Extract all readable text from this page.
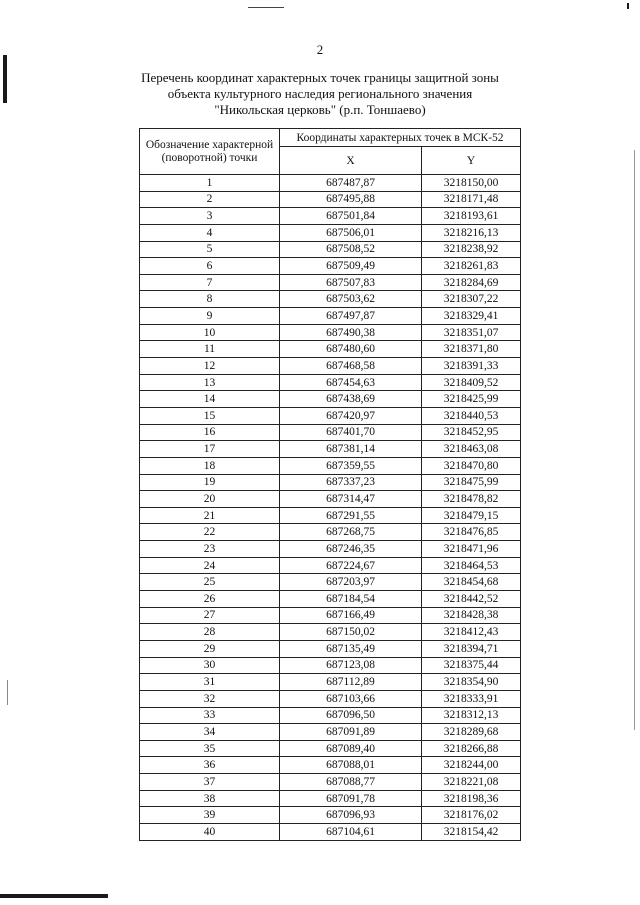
2
Перечень координат характерных точек границы защитной зоны
объекта культурного наследия регионального значения
"Никольская церковь" (р.п. Тоншаево)
Обозначение характерной (поворотной) точки	Координаты характерных точек в МСК-52	
	X	Y
1	687487,87	3218150,00
2	687495,88	3218171,48
3	687501,84	3218193,61
4	687506,01	3218216,13
5	687508,52	3218238,92
6	687509,49	3218261,83
7	687507,83	3218284,69
8	687503,62	3218307,22
9	687497,87	3218329,41
10	687490,38	3218351,07
11	687480,60	3218371,80
12	687468,58	3218391,33
13	687454,63	3218409,52
14	687438,69	3218425,99
15	687420,97	3218440,53
16	687401,70	3218452,95
17	687381,14	3218463,08
18	687359,55	3218470,80
19	687337,23	3218475,99
20	687314,47	3218478,82
21	687291,55	3218479,15
22	687268,75	3218476,85
23	687246,35	3218471,96
24	687224,67	3218464,53
25	687203,97	3218454,68
26	687184,54	3218442,52
27	687166,49	3218428,38
28	687150,02	3218412,43
29	687135,49	3218394,71
30	687123,08	3218375,44
31	687112,89	3218354,90
32	687103,66	3218333,91
33	687096,50	3218312,13
34	687091,89	3218289,68
35	687089,40	3218266,88
36	687088,01	3218244,00
37	687088,77	3218221,08
38	687091,78	3218198,36
39	687096,93	3218176,02
40	687104,61	3218154,42
